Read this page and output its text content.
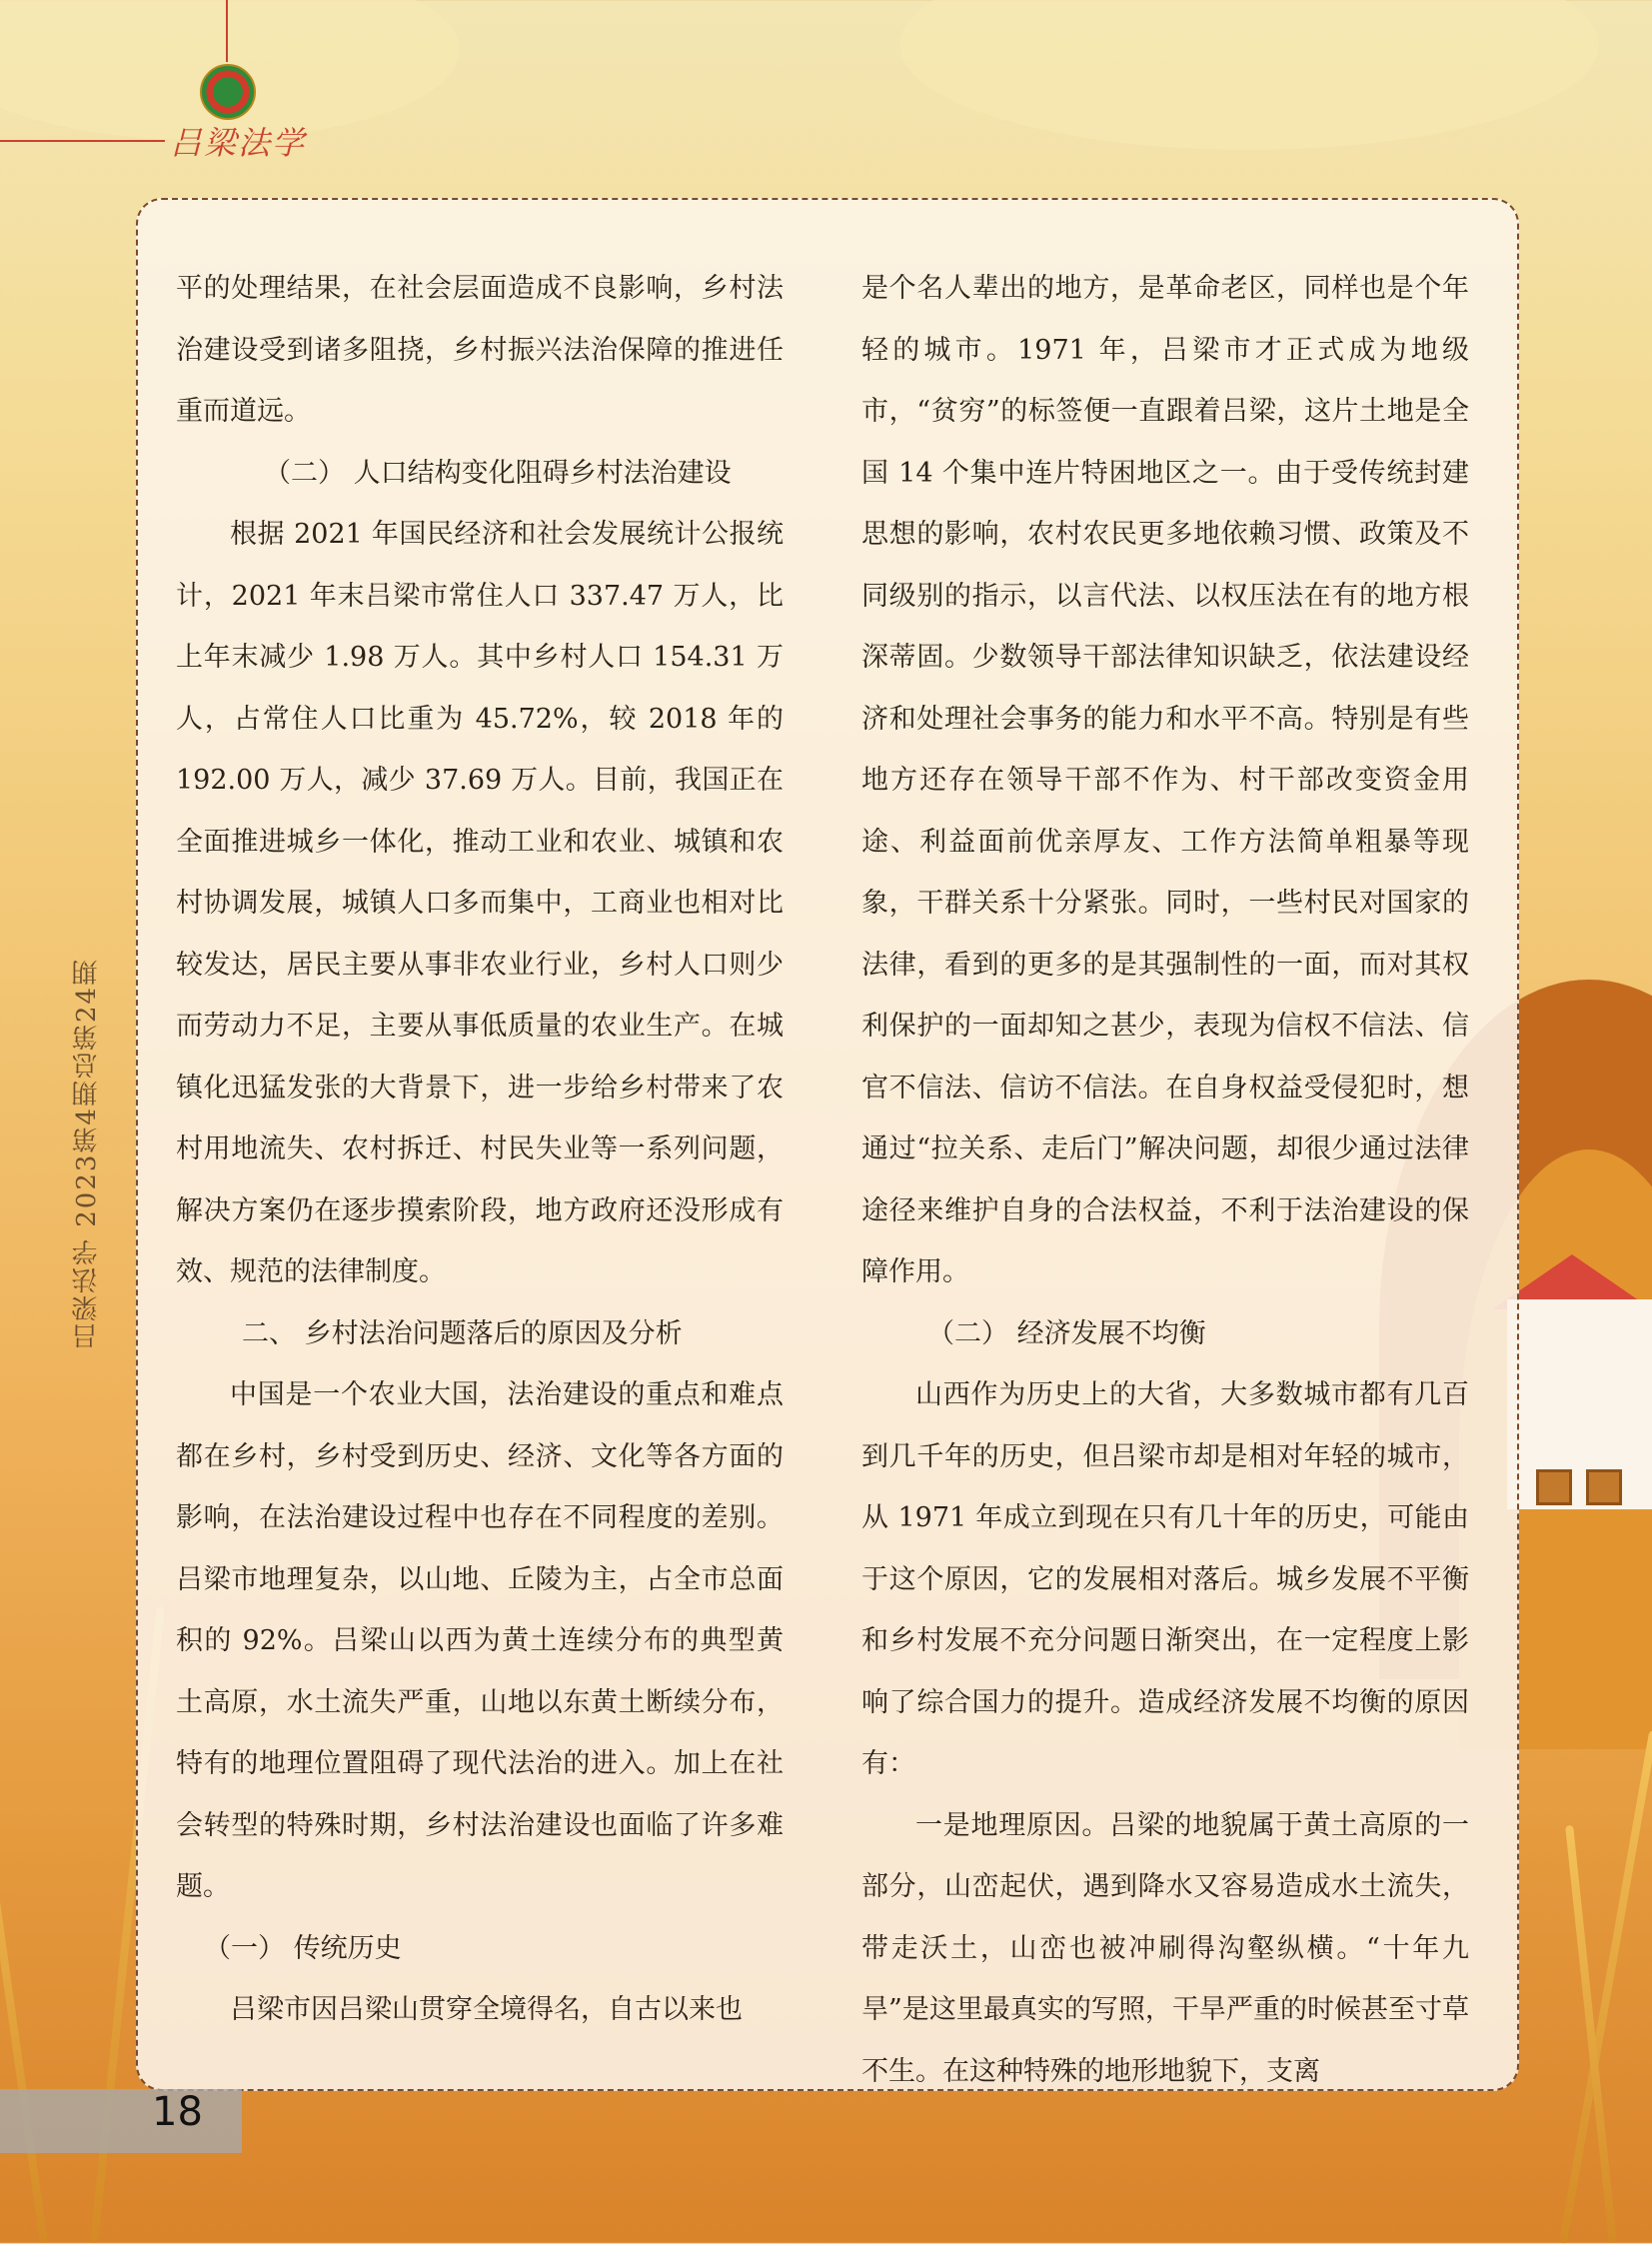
吕梁法学
吕梁法学 2023第4期总第24期

平的处理结果，在社会层面造成不良影响，乡村法治建设受到诸多阻挠，乡村振兴法治保障的推进任重而道远。

（二） 人口结构变化阻碍乡村法治建设

根据 2021 年国民经济和社会发展统计公报统计，2021 年末吕梁市常住人口 337.47 万人，比上年末减少 1.98 万人。其中乡村人口 154.31 万人，占常住人口比重为 45.72%，较 2018 年的 192.00 万人，减少 37.69 万人。目前，我国正在全面推进城乡一体化，推动工业和农业、城镇和农村协调发展，城镇人口多而集中，工商业也相对比较发达，居民主要从事非农业行业，乡村人口则少而劳动力不足，主要从事低质量的农业生产。在城镇化迅猛发张的大背景下，进一步给乡村带来了农村用地流失、农村拆迁、村民失业等一系列问题，解决方案仍在逐步摸索阶段，地方政府还没形成有效、规范的法律制度。

二、 乡村法治问题落后的原因及分析

中国是一个农业大国，法治建设的重点和难点都在乡村，乡村受到历史、经济、文化等各方面的影响，在法治建设过程中也存在不同程度的差别。吕梁市地理复杂，以山地、丘陵为主，占全市总面积的 92%。吕梁山以西为黄土连续分布的典型黄土高原，水土流失严重，山地以东黄土断续分布，特有的地理位置阻碍了现代法治的进入。加上在社会转型的特殊时期，乡村法治建设也面临了许多难题。

（一） 传统历史

吕梁市因吕梁山贯穿全境得名，自古以来也

是个名人辈出的地方，是革命老区，同样也是个年轻的城市。1971 年，吕梁市才正式成为地级市，“贫穷”的标签便一直跟着吕梁，这片土地是全国 14 个集中连片特困地区之一。由于受传统封建思想的影响，农村农民更多地依赖习惯、政策及不同级别的指示，以言代法、以权压法在有的地方根深蒂固。少数领导干部法律知识缺乏，依法建设经济和处理社会事务的能力和水平不高。特别是有些地方还存在领导干部不作为、村干部改变资金用途、利益面前优亲厚友、工作方法简单粗暴等现象，干群关系十分紧张。同时，一些村民对国家的法律，看到的更多的是其强制性的一面，而对其权利保护的一面却知之甚少，表现为信权不信法、信官不信法、信访不信法。在自身权益受侵犯时，想通过“拉关系、走后门”解决问题，却很少通过法律途径来维护自身的合法权益，不利于法治建设的保障作用。

（二） 经济发展不均衡

山西作为历史上的大省，大多数城市都有几百到几千年的历史，但吕梁市却是相对年轻的城市，从 1971 年成立到现在只有几十年的历史，可能由于这个原因，它的发展相对落后。城乡发展不平衡和乡村发展不充分问题日渐突出，在一定程度上影响了综合国力的提升。造成经济发展不均衡的原因有：

一是地理原因。吕梁的地貌属于黄土高原的一部分，山峦起伏，遇到降水又容易造成水土流失，带走沃土，山峦也被冲刷得沟壑纵横。“十年九旱”是这里最真实的写照，干旱严重的时候甚至寸草不生。在这种特殊的地形地貌下，支离

18
